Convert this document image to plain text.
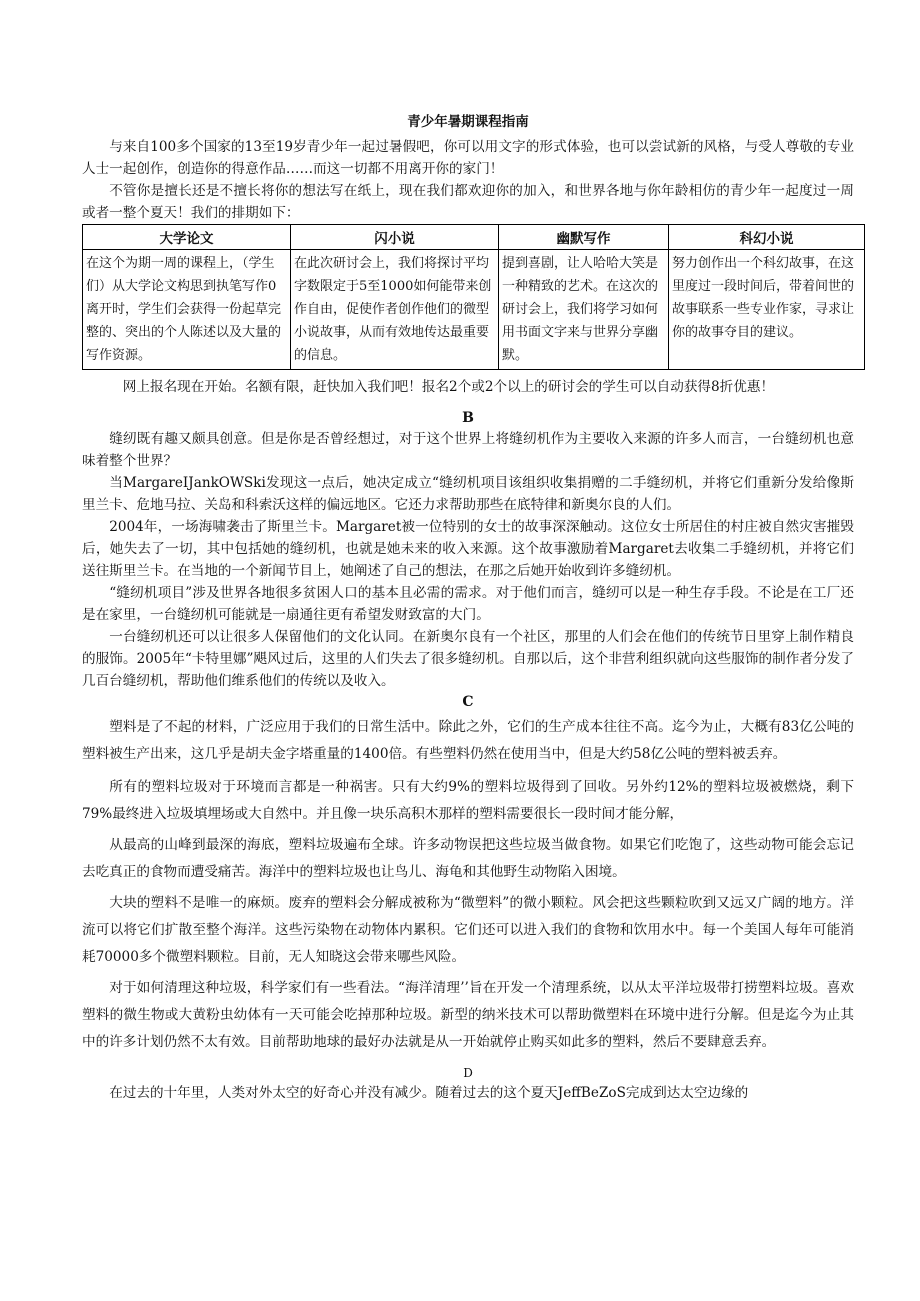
青少年暑期课程指南

与来自100多个国家的13至19岁青少年一起过暑假吧，你可以用文字的形式体验，也可以尝试新的风格，与受人尊敬的专业人士一起创作，创造你的得意作品……而这一切都不用离开你的家门！

不管你是擅长还是不擅长将你的想法写在纸上，现在我们都欢迎你的加入，和世界各地与你年龄相仿的青少年一起度过一周或者一整个夏天！我们的排期如下：

大学论文	闪小说	幽默写作	科幻小说
在这个为期一周的课程上，（学生们）从大学论文构思到执笔写作0离开时，学生们会获得一份起草完整的、突出的个人陈述以及大量的写作资源。	在此次研讨会上，我们将探讨平均字数限定于5至1000如何能带来创作自由，促使作者创作他们的微型小说故事，从而有效地传达最重要的信息。	提到喜剧，让人哈哈大笑是一种精致的艺术。在这次的研讨会上，我们将学习如何用书面文字来与世界分享幽默。	努力创作出一个科幻故事，在这里度过一段时间后，带着间世的故事联系一些专业作家，寻求让你的故事夺目的建议。

网上报名现在开始。名额有限，赶快加入我们吧！报名2个或2个以上的研讨会的学生可以自动获得8折优惠！

B

缝纫既有趣又颇具创意。但是你是否曾经想过，对于这个世界上将缝纫机作为主要收入来源的许多人而言，一台缝纫机也意味着整个世界？

当MargareIJankOWSki发现这一点后，她决定成立“缝纫机项目该组织收集捐赠的二手缝纫机，并将它们重新分发给像斯里兰卡、危地马拉、关岛和科索沃这样的偏远地区。它还力求帮助那些在底特律和新奥尔良的人们。

2004年，一场海啸袭击了斯里兰卡。Margaret被一位特别的女士的故事深深触动。这位女士所居住的村庄被自然灾害摧毁后，她失去了一切，其中包括她的缝纫机，也就是她未来的收入来源。这个故事激励着Margaret去收集二手缝纫机，并将它们送往斯里兰卡。在当地的一个新闻节目上，她阐述了自己的想法，在那之后她开始收到许多缝纫机。

“缝纫机项目”涉及世界各地很多贫困人口的基本且必需的需求。对于他们而言，缝纫可以是一种生存手段。不论是在工厂还是在家里，一台缝纫机可能就是一扇通往更有希望发财致富的大门。

一台缝纫机还可以让很多人保留他们的文化认同。在新奥尔良有一个社区，那里的人们会在他们的传统节日里穿上制作精良的服饰。2005年“卡特里娜”飓风过后，这里的人们失去了很多缝纫机。自那以后，这个非营利组织就向这些服饰的制作者分发了几百台缝纫机，帮助他们维系他们的传统以及收入。

C

塑料是了不起的材料，广泛应用于我们的日常生活中。除此之外，它们的生产成本往往不高。迄今为止，大概有83亿公吨的塑料被生产出来，这几乎是胡夫金字塔重量的1400倍。有些塑料仍然在使用当中，但是大约58亿公吨的塑料被丢弃。

所有的塑料垃圾对于环境而言都是一种祸害。只有大约9%的塑料垃圾得到了回收。另外约12%的塑料垃圾被燃烧，剩下79%最终进入垃圾填埋场或大自然中。并且像一块乐高积木那样的塑料需要很长一段时间才能分解，

从最高的山峰到最深的海底，塑料垃圾遍布全球。许多动物误把这些垃圾当做食物。如果它们吃饱了，这些动物可能会忘记去吃真正的食物而遭受痛苦。海洋中的塑料垃圾也让鸟儿、海龟和其他野生动物陷入困境。

大块的塑料不是唯一的麻烦。废弃的塑料会分解成被称为“微塑料”的微小颗粒。风会把这些颗粒吹到又远又广阔的地方。洋流可以将它们扩散至整个海洋。这些污染物在动物体内累积。它们还可以进入我们的食物和饮用水中。每一个美国人每年可能消耗70000多个微塑料颗粒。目前，无人知晓这会带来哪些风险。

对于如何清理这种垃圾，科学家们有一些看法。“海洋清理’’旨在开发一个清理系统，以从太平洋垃圾带打捞塑料垃圾。喜欢塑料的微生物或大黄粉虫幼体有一天可能会吃掉那种垃圾。新型的纳米技术可以帮助微塑料在环境中进行分解。但是迄今为止其中的许多计划仍然不太有效。目前帮助地球的最好办法就是从一开始就停止购买如此多的塑料，然后不要肆意丢弃。

D

在过去的十年里，人类对外太空的好奇心并没有减少。随着过去的这个夏天JeffBeZoS完成到达太空边缘的
